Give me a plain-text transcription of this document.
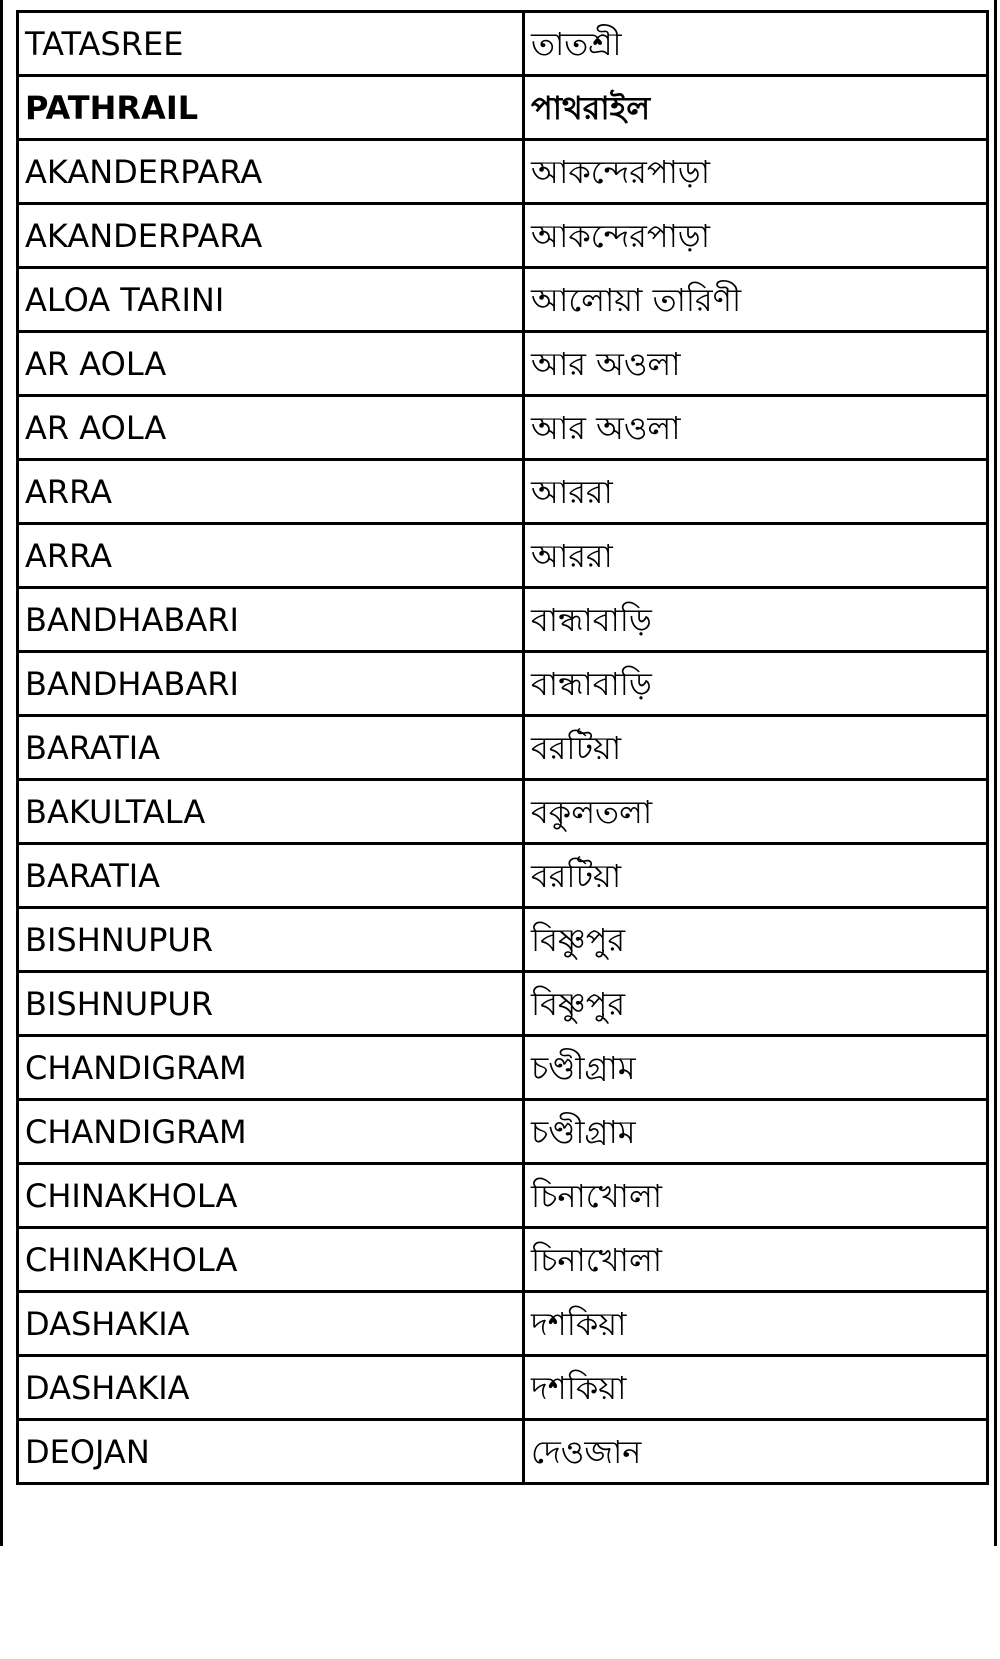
TATASREE	তাতশ্রী
PATHRAIL	পাথরাইল
AKANDERPARA	আকন্দেরপাড়া
AKANDERPARA	আকন্দেরপাড়া
ALOA TARINI	আলোয়া তারিণী
AR AOLA	আর অওলা
AR AOLA	আর অওলা
ARRA	আররা
ARRA	আররা
BANDHABARI	বান্ধাবাড়ি
BANDHABARI	বান্ধাবাড়ি
BARATIA	বরটিয়া
BAKULTALA	বকুলতলা
BARATIA	বরটিয়া
BISHNUPUR	বিষ্ণুপুর
BISHNUPUR	বিষ্ণুপুর
CHANDIGRAM	চণ্ডীগ্রাম
CHANDIGRAM	চণ্ডীগ্রাম
CHINAKHOLA	চিনাখোলা
CHINAKHOLA	চিনাখোলা
DASHAKIA	দশকিয়া
DASHAKIA	দশকিয়া
DEOJAN	দেওজান
